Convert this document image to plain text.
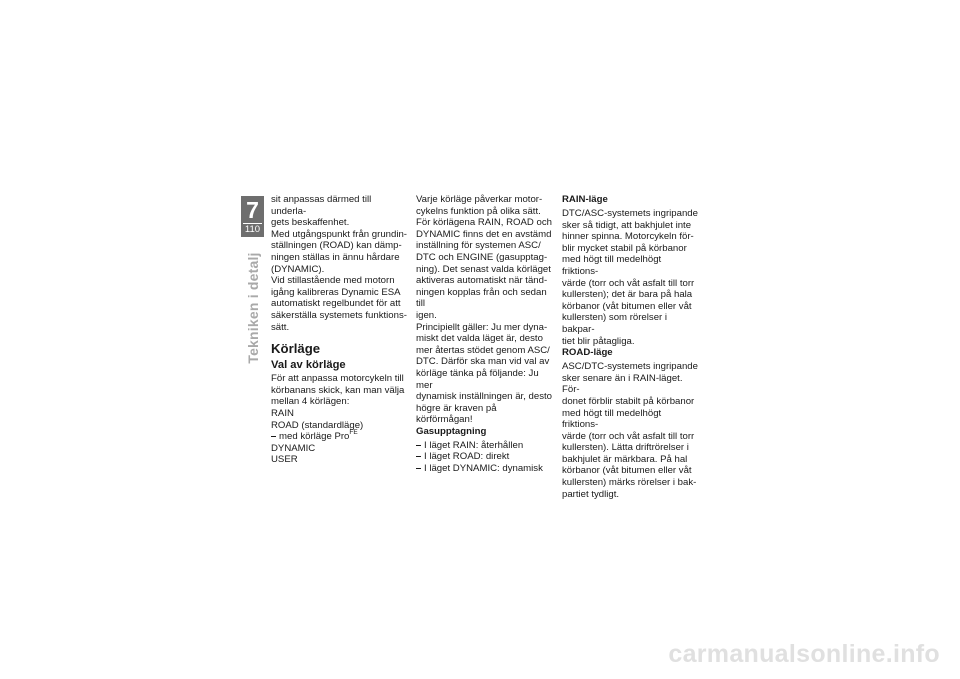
7
110
Tekniken i detalj

sit anpassas därmed till underla-
gets beskaffenhet.
Med utgångspunkt från grundin-
ställningen (ROAD) kan dämp-
ningen ställas in ännu hårdare
(DYNAMIC).
Vid stillastående med motorn
igång kalibreras Dynamic ESA
automatiskt regelbundet för att
säkerställa systemets funktions-
sätt.

Körläge
Val av körläge

För att anpassa motorcykeln till
körbanans skick, kan man välja
mellan 4 körlägen:
RAIN
ROAD (standardläge)

med körläge Pro$^{FE}$

DYNAMIC
USER

Varje körläge påverkar motor-
cykelns funktion på olika sätt.
För körlägena RAIN, ROAD och
DYNAMIC finns det en avstämd
inställning för systemen ASC/
DTC och ENGINE (gasupptag-
ning). Det senast valda körläget
aktiveras automatiskt när tänd-
ningen kopplas från och sedan till
igen.
Principiellt gäller: Ju mer dyna-
miskt det valda läget är, desto
mer återtas stödet genom ASC/
DTC. Därför ska man vid val av
körläge tänka på följande: Ju mer
dynamisk inställningen är, desto
högre är kraven på körförmågan!

Gasupptagning
I läget RAIN: återhållen
I läget ROAD: direkt
I läget DYNAMIC: dynamisk
RAIN-läge

DTC/ASC-systemets ingripande
sker så tidigt, att bakhjulet inte
hinner spinna. Motorcykeln för-
blir mycket stabil på körbanor
med högt till medelhögt friktions-
värde (torr och våt asfalt till torr
kullersten); det är bara på hala
körbanor (våt bitumen eller våt
kullersten) som rörelser i bakpar-
tiet blir påtagliga.

ROAD-läge

ASC/DTC-systemets ingripande
sker senare än i RAIN-läget. För-
donet förblir stabilt på körbanor
med högt till medelhögt friktions-
värde (torr och våt asfalt till torr
kullersten). Lätta driftrörelser i
bakhjulet är märkbara. På hal
körbanor (våt bitumen eller våt
kullersten) märks rörelser i bak-
partiet tydligt.

carmanualsonline.info
